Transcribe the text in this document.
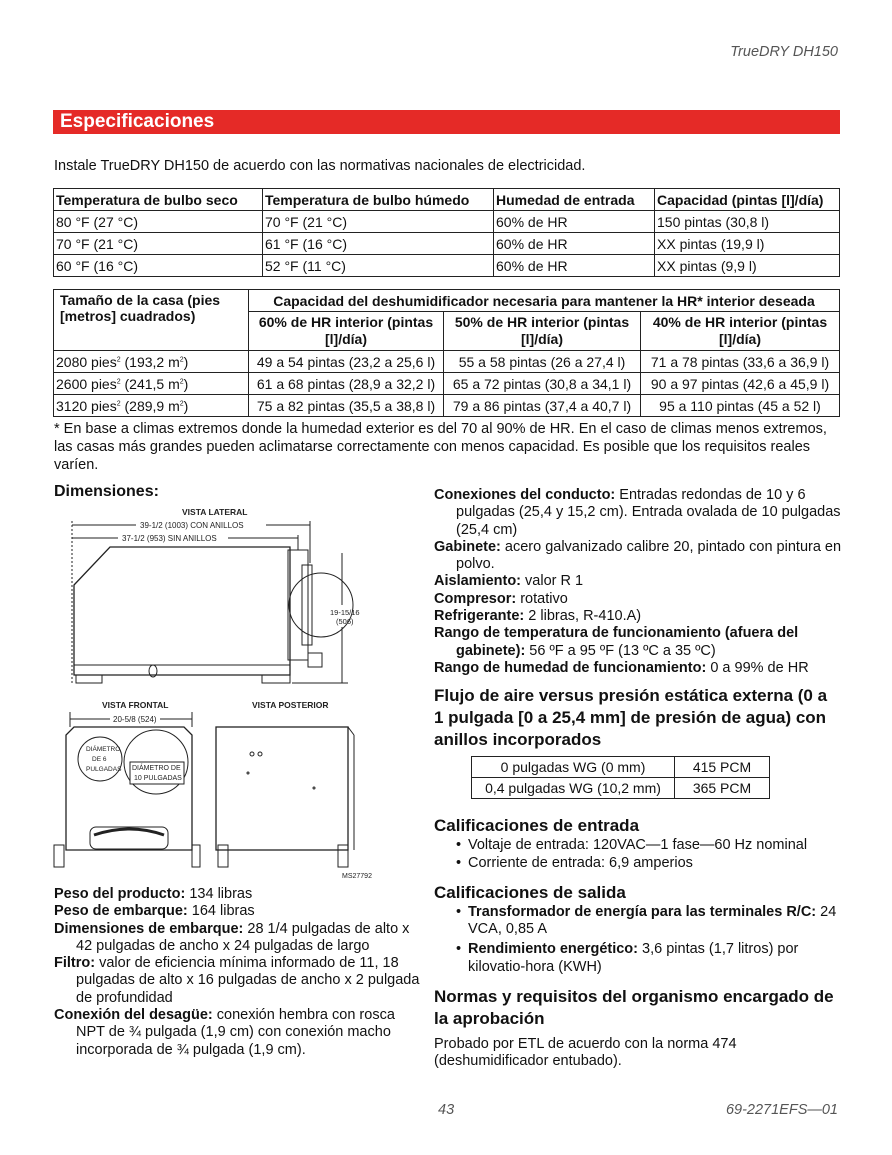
TrueDRY DH150
Especificaciones
Instale TrueDRY DH150 de acuerdo con las normativas nacionales de electricidad.
Temperatura de bulbo seco	Temperatura de bulbo húmedo	Humedad de entrada	Capacidad (pintas [l]/día)
80 °F (27 °C)	70 °F (21 °C)	60% de HR	150 pintas (30,8 l)
70 °F (21 °C)	61 °F (16 °C)	60% de HR	XX pintas (19,9 l)
60 °F (16 °C)	52 °F (11 °C)	60% de HR	XX pintas (9,9 l)
Tamaño de la casa (pies [metros] cuadrados)	Capacidad del deshumidificador necesaria para mantener la HR* interior deseada		
	60% de HR interior (pintas [l]/día)	50% de HR interior (pintas [l]/día)	40% de HR interior (pintas [l]/día)
2080 pies$^2$ (193,2 $m^2$)	49 a 54 pintas (23,2 a 25,6 l)	55 a 58 pintas (26 a 27,4 l)	71 a 78 pintas (33,6 a 36,9 l)
2600 pies$^2$ (241,5 $m^2$)	61 a 68 pintas (28,9 a 32,2 l)	65 a 72 pintas (30,8 a 34,1 l)	90 a 97 pintas (42,6 a 45,9 l)
3120 pies$^2$ (289,9 $m^2$)	75 a 82 pintas (35,5 a 38,8 l)	79 a 86 pintas (37,4 a 40,7 l)	95 a 110 pintas (45 a 52 l)
* En base a climas extremos donde la humedad exterior es del 70 al 90% de HR. En el caso de climas menos extremos, las casas más grandes pueden aclimatarse correctamente con menos capacidad. Es posible que los requisitos reales varíen.
Dimensiones:
VISTA LATERAL
39-1/2 (1003) CON ANILLOS
37-1/2 (953) SIN ANILLOS
19-15/16
(506)
VISTA FRONTAL	VISTA POSTERIOR
20-5/8 (524)
DIÁMETRO
DE 6
PULGADAS DIÁMETRO DE
10 PULGADAS
MS27792

Peso del producto: 134 libras

Peso de embarque: 164 libras

Dimensiones de embarque: 28 1/4 pulgadas de alto x 42 pulgadas de ancho x 24 pulgadas de largo

Filtro: valor de eficiencia mínima informado de 11, 18 pulgadas de alto x 16 pulgadas de ancho x 2 pulgada de profundidad

Conexión del desagüe: conexión hembra con rosca NPT de ¾ pulgada (1,9 cm) con conexión macho incorporada de ¾ pulgada (1,9 cm).

Conexiones del conducto: Entradas redondas de 10 y 6 pulgadas (25,4 y 15,2 cm). Entrada ovalada de 10 pulgadas (25,4 cm)

Gabinete: acero galvanizado calibre 20, pintado con pintura en polvo.

Aislamiento: valor R 1

Compresor: rotativo

Refrigerante: 2 libras, R-410.A)

Rango de temperatura de funcionamiento (afuera del gabinete): 56 ºF a 95 ºF (13 ºC a 35 ºC)

Rango de humedad de funcionamiento: 0 a 99% de HR

Flujo de aire versus presión estática externa (0 a 1 pulgada [0 a 25,4 mm] de presión de agua) con anillos incorporados
Calificaciones de entrada

• Voltaje de entrada: 120VAC—1 fase—60 Hz nominal

• Corriente de entrada: 6,9 amperios

Calificaciones de salida

• Transformador de energía para las terminales R/C: 24 VCA, 0,85 A

• Rendimiento energético: 3,6 pintas (1,7 litros) por kilovatio-hora (KWH)

Normas y requisitos del organismo encargado de la aprobación

Probado por ETL de acuerdo con la norma 474 (deshumidificador entubado).

0 pulgadas WG (0 mm)	415 PCM
0,4 pulgadas WG (10,2 mm)	365 PCM
43	69-2271EFS—01
